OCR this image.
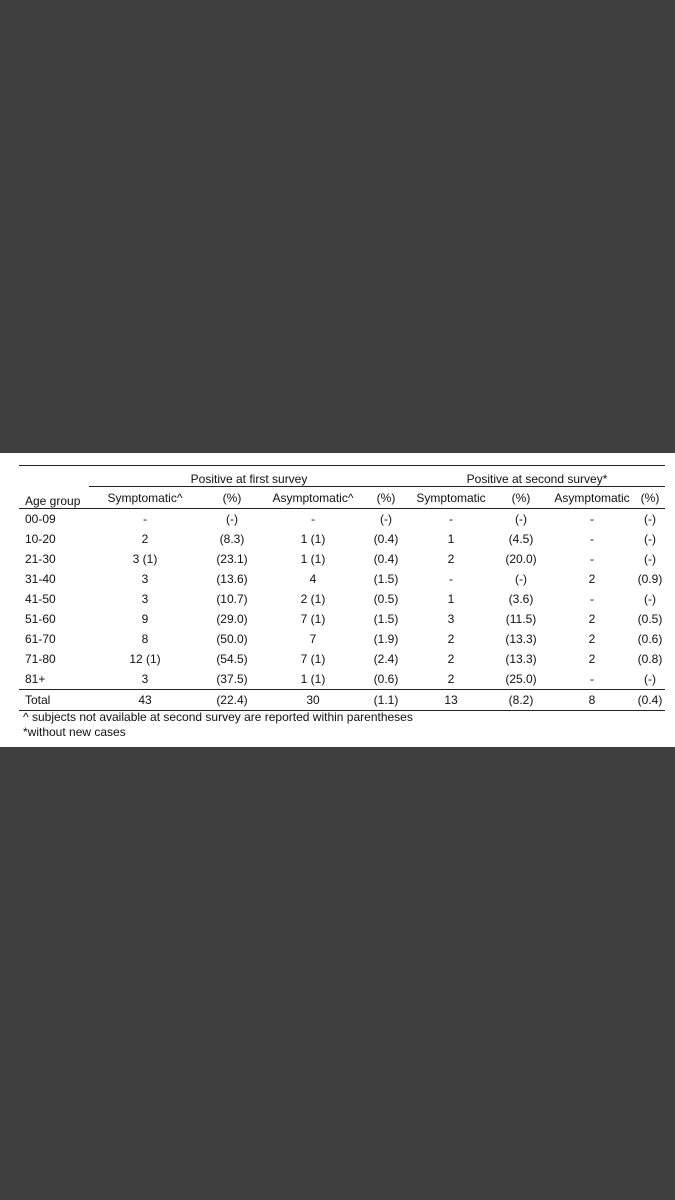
Age group	Positive at first survey				Positive at second survey*			
	Symptomatic^	(%)	Asymptomatic^	(%)	Symptomatic	(%)	Asymptomatic	(%)
00-09	-	(-)	-	(-)	-	(-)	-	(-)
10-20	2	(8.3)	1 (1)	(0.4)	1	(4.5)	-	(-)
21-30	3 (1)	(23.1)	1 (1)	(0.4)	2	(20.0)	-	(-)
31-40	3	(13.6)	4	(1.5)	-	(-)	2	(0.9)
41-50	3	(10.7)	2 (1)	(0.5)	1	(3.6)	-	(-)
51-60	9	(29.0)	7 (1)	(1.5)	3	(11.5)	2	(0.5)
61-70	8	(50.0)	7	(1.9)	2	(13.3)	2	(0.6)
71-80	12 (1)	(54.5)	7 (1)	(2.4)	2	(13.3)	2	(0.8)
81+	3	(37.5)	1 (1)	(0.6)	2	(25.0)	-	(-)
Total	43	(22.4)	30	(1.1)	13	(8.2)	8	(0.4)
^ subjects not available at second survey are reported within parentheses
*without new cases
